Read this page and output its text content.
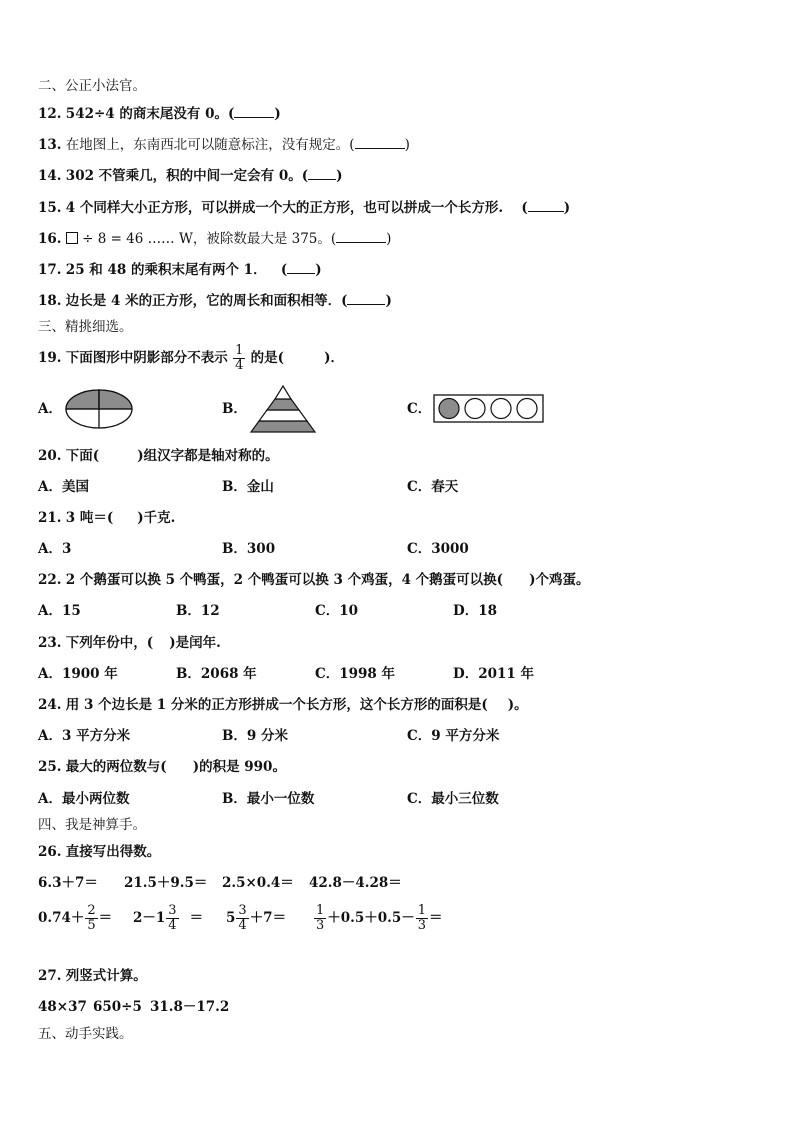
二、公正小法官。
12. 542÷4 的商末尾没有 0。(	)
13. 在地图上，东南西北可以随意标注，没有规定。(	)
14. 302 不管乘几，积的中间一定会有 0。( )
15. 4 个同样大小正方形，可以拼成一个大的正方形，也可以拼成一个长方形. (	)
16. ÷ 8 = 46 …… W，被除数最大是 375。(	)
17. 25 和 48 的乘积末尾有两个 1． ( )
18. 边长是 4 米的正方形，它的周长和面积相等．(	)
三、精挑细选。
19. 下面图形中阴影部分不表示 $\frac{1}{4}$ 的是(	)．
A．	B．	C．
20. 下面(	)组汉字都是轴对称的。
A．美国	B．金山	C．春天
21. 3 吨＝( )千克.
A．3	B．300	C．3000
22. 2 个鹅蛋可以换 5 个鸭蛋，2 个鸭蛋可以换 3 个鸡蛋，4 个鹅蛋可以换( )个鸡蛋。
A．15	B．12	C．10	D．18
23. 下列年份中，( )是闰年.
A．1900 年	B．2068 年	C．1998 年	D．2011 年
24. 用 3 个边长是 1 分米的正方形拼成一个长方形，这个长方形的面积是( )。
A．3 平方分米	B．9 分米	C．9 平方分米
25. 最大的两位数与( )的积是 990。
A．最小两位数	B．最小一位数	C．最小三位数
四、我是神算手。
26. 直接写出得数。
6.3＋7＝ 21.5＋9.5＝ 2.5×0.4＝ 42.8－4.28＝
$0.74+ \frac{2}{5} = 2-1 \frac{3}{4} = 5 \frac{3}{4} +7= \frac{1}{3} +0.5+0.5- \frac{1}{3}$ ＝
27. 列竖式计算。
48×37 650÷5 31.8－17.2
五、动手实践。
